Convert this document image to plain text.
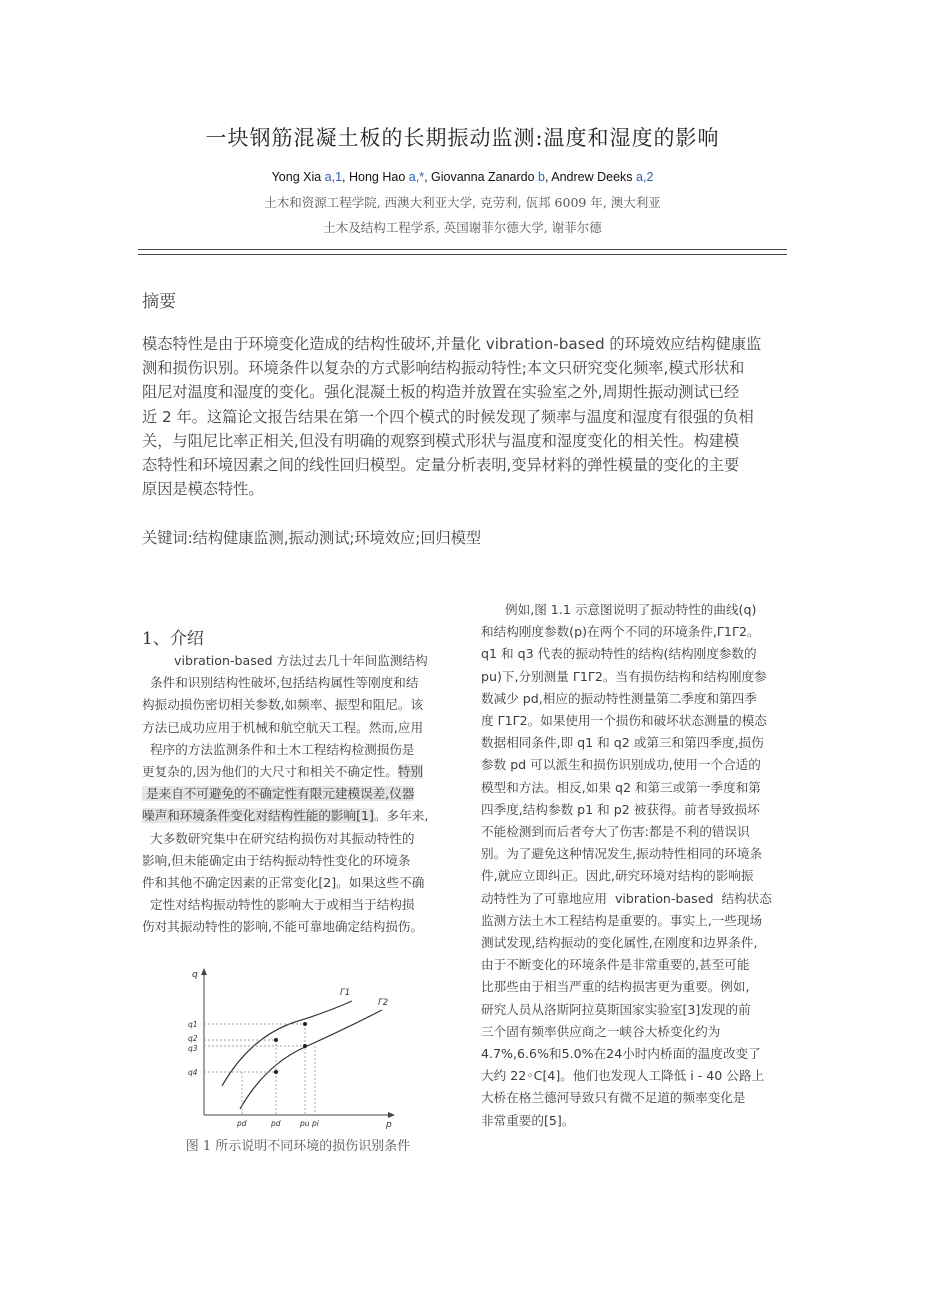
一块钢筋混凝土板的长期振动监测:温度和湿度的影响
Yong Xia a,1, Hong Hao a,*, Giovanna Zanardo b, Andrew Deeks a,2
土木和资源工程学院, 西澳大利亚大学, 克劳利, 佤邦 6009 年, 澳大利亚
土木及结构工程学系, 英国谢菲尔德大学, 谢菲尔德
摘要
模态特性是由于环境变化造成的结构性破坏,并量化 vibration-based 的环境效应结构健康监
测和损伤识别。环境条件以复杂的方式影响结构振动特性;本文只研究变化频率,模式形状和
阻尼对温度和湿度的变化。强化混凝土板的构造并放置在实验室之外,周期性振动测试已经
近 2 年。这篇论文报告结果在第一个四个模式的时候发现了频率与温度和湿度有很强的负相
关，与阻尼比率正相关,但没有明确的观察到模式形状与温度和湿度变化的相关性。构建模
态特性和环境因素之间的线性回归模型。定量分析表明,变异材料的弹性模量的变化的主要
原因是模态特性。
关键词:结构健康监测,振动测试;环境效应;回归模型
1、介绍
vibration-based 方法过去几十年间监测结构
条件和识别结构性破坏,包括结构属性等刚度和结
构振动损伤密切相关参数,如频率、振型和阻尼。该
方法已成功应用于机械和航空航天工程。然而,应用
程序的方法监测条件和土木工程结构检测损伤是
更复杂的,因为他们的大尺寸和相关不确定性。特别
是来自不可避免的不确定性有限元建模误差,仪器
噪声和环境条件变化对结构性能的影响[1]。多年来,
大多数研究集中在研究结构损伤对其振动特性的
影响,但未能确定由于结构振动特性变化的环境条
件和其他不确定因素的正常变化[2]。如果这些不确
定性对结构振动特性的影响大于或相当于结构损
伤对其振动特性的影响,不能可靠地确定结构损伤。
q
p
Γ1
Γ2
q1
q2
q3
q4
pd	pd	pu pi
图 1 所示说明不同环境的损伤识别条件
例如,图 1.1 示意图说明了振动特性的曲线(q)
和结构刚度参数(p)在两个不同的环境条件,Γ1Γ2。
q1 和 q3 代表的振动特性的结构(结构刚度参数的
pu)下,分别测量 Γ1Γ2。当有损伤结构和结构刚度参
数减少 pd,相应的振动特性测量第二季度和第四季
度 Γ1Γ2。如果使用一个损伤和破坏状态测量的模态
数据相同条件,即 q1 和 q2 或第三和第四季度,损伤
参数 pd 可以派生和损伤识别成功,使用一个合适的
模型和方法。相反,如果 q2 和第三或第一季度和第
四季度,结构参数 p1 和 p2 被获得。前者导致损坏
不能检测到而后者夸大了伤害:都是不利的错误识
别。为了避免这种情况发生,振动特性相同的环境条
件,就应立即纠正。因此,研究环境对结构的影响振
动特性为了可靠地应用  vibration-based  结构状态
监测方法土木工程结构是重要的。事实上,一些现场
测试发现,结构振动的变化属性,在刚度和边界条件,
由于不断变化的环境条件是非常重要的,甚至可能
比那些由于相当严重的结构损害更为重要。例如,
研究人员从洛斯阿拉莫斯国家实验室[3]发现的前
三个固有频率供应商之一峡谷大桥变化约为
4.7%,6.6%和5.0%在24小时内桥面的温度改变了
大约 22◦C[4]。他们也发现人工降低 i - 40 公路上
大桥在格兰德河导致只有微不足道的频率变化是
非常重要的[5]。
